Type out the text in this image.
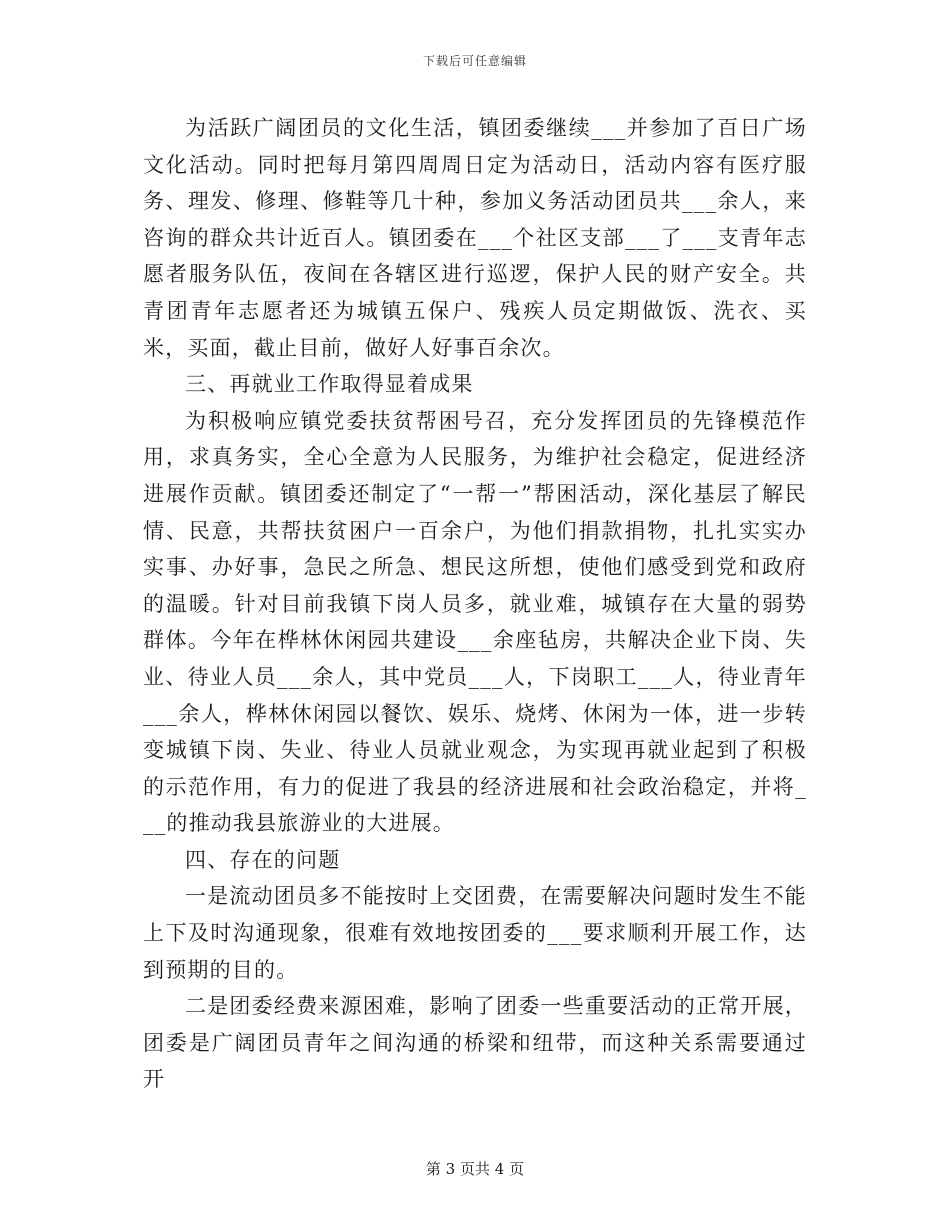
下载后可任意编辑

为活跃广阔团员的文化生活，镇团委继续___并参加了百日广场文化活动。同时把每月第四周周日定为活动日，活动内容有医疗服务、理发、修理、修鞋等几十种，参加义务活动团员共___余人，来咨询的群众共计近百人。镇团委在___个社区支部___了___支青年志愿者服务队伍，夜间在各辖区进行巡逻，保护人民的财产安全。共青团青年志愿者还为城镇五保户、残疾人员定期做饭、洗衣、买米，买面，截止目前，做好人好事百余次。

三、再就业工作取得显着成果

为积极响应镇党委扶贫帮困号召，充分发挥团员的先锋模范作用，求真务实，全心全意为人民服务，为维护社会稳定，促进经济进展作贡献。镇团委还制定了“一帮一”帮困活动，深化基层了解民情、民意，共帮扶贫困户一百余户，为他们捐款捐物，扎扎实实办实事、办好事，急民之所急、想民这所想，使他们感受到党和政府的温暖。针对目前我镇下岗人员多，就业难，城镇存在大量的弱势群体。今年在桦林休闲园共建设___余座毡房，共解决企业下岗、失业、待业人员___余人，其中党员___人，下岗职工___人，待业青年___余人，桦林休闲园以餐饮、娱乐、烧烤、休闲为一体，进一步转变城镇下岗、失业、待业人员就业观念，为实现再就业起到了积极的示范作用，有力的促进了我县的经济进展和社会政治稳定，并将___的推动我县旅游业的大进展。

四、存在的问题

一是流动团员多不能按时上交团费，在需要解决问题时发生不能上下及时沟通现象，很难有效地按团委的___要求顺利开展工作，达到预期的目的。

二是团委经费来源困难，影响了团委一些重要活动的正常开展，团委是广阔团员青年之间沟通的桥梁和纽带，而这种关系需要通过开

第 3 页共 4 页
